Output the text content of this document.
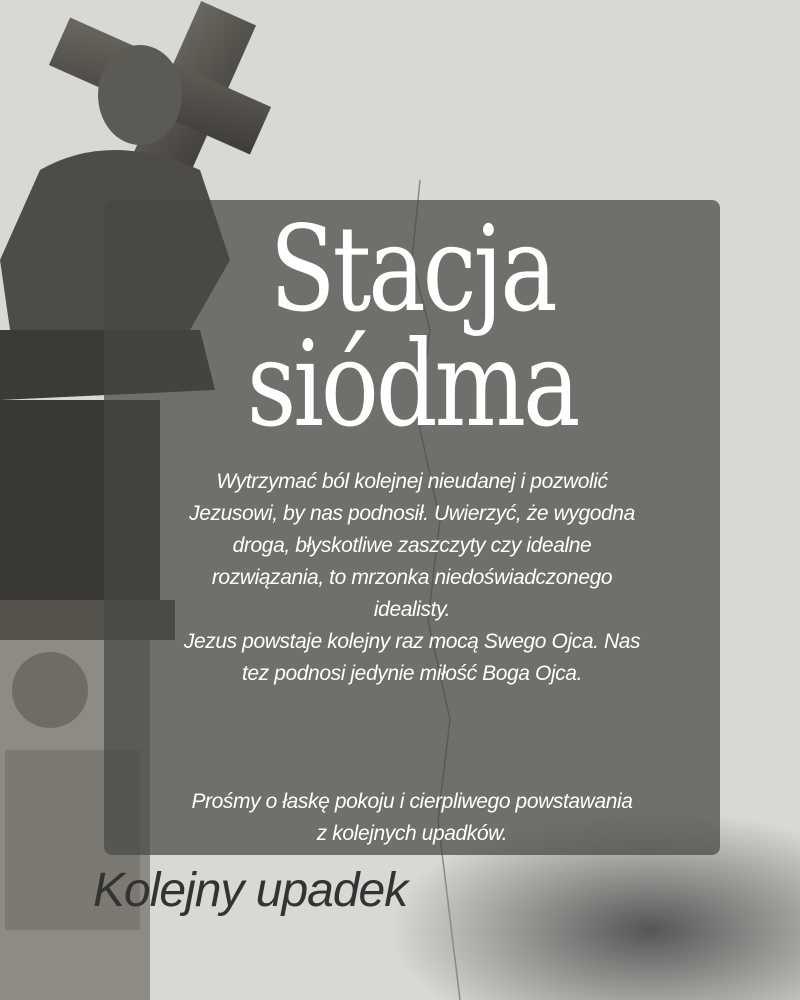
Stacja
siódma
Wytrzymać ból kolejnej nieudanej i pozwolić
Jezusowi, by nas podnosił. Uwierzyć, że wygodna
droga, błyskotliwe zaszczyty czy idealne
rozwiązania, to mrzonka niedoświadczonego
idealisty.
Jezus powstaje kolejny raz mocą Swego Ojca. Nas
tez podnosi jedynie miłość Boga Ojca.
Prośmy o łaskę pokoju i cierpliwego powstawania
z kolejnych upadków.
Kolejny upadek
